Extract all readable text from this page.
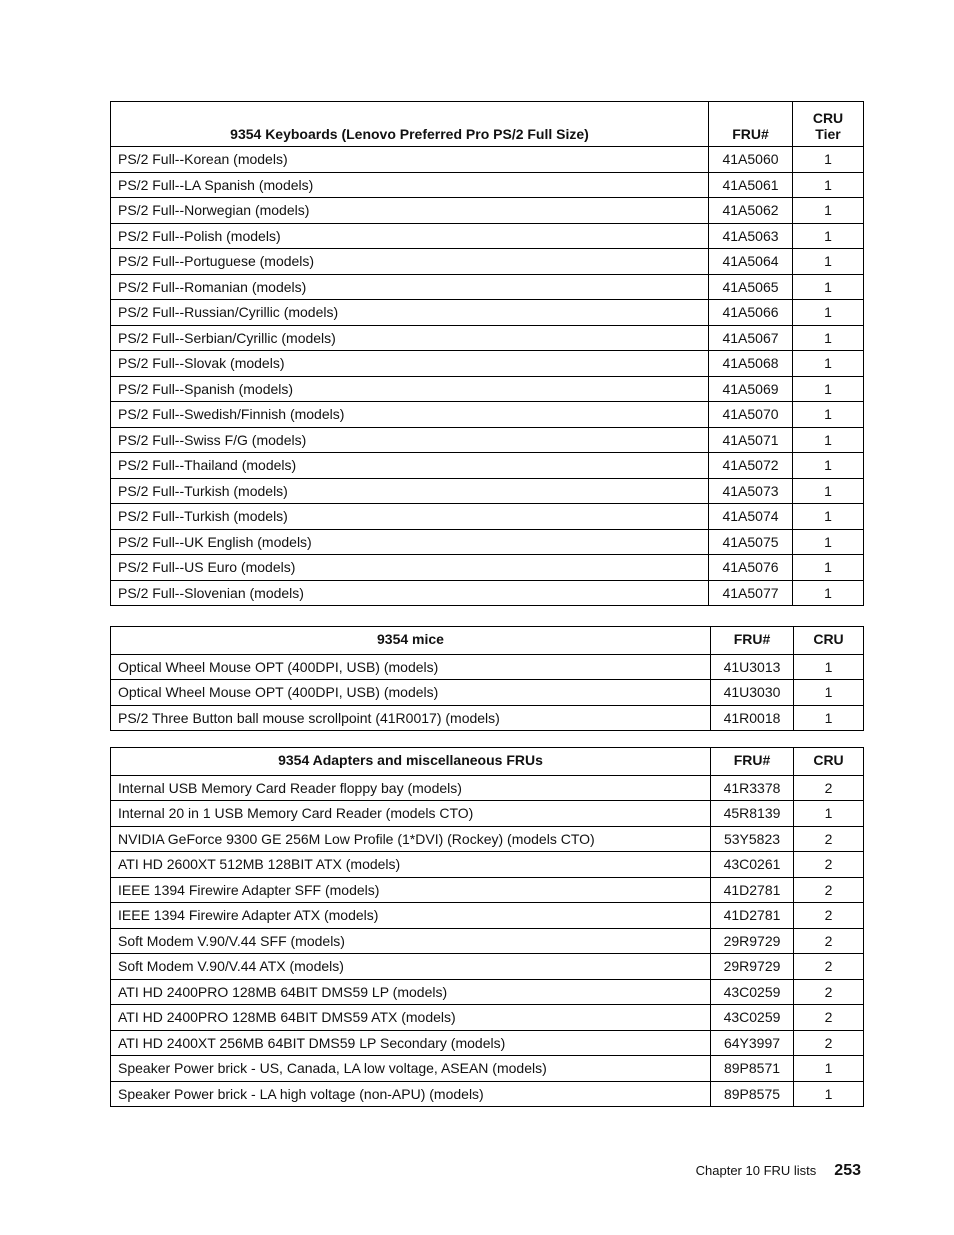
9354 Keyboards (Lenovo Preferred Pro PS/2 Full Size)	FRU#	CRU
Tier
PS/2 Full--Korean (models)	41A5060	1
PS/2 Full--LA Spanish (models)	41A5061	1
PS/2 Full--Norwegian (models)	41A5062	1
PS/2 Full--Polish (models)	41A5063	1
PS/2 Full--Portuguese (models)	41A5064	1
PS/2 Full--Romanian (models)	41A5065	1
PS/2 Full--Russian/Cyrillic (models)	41A5066	1
PS/2 Full--Serbian/Cyrillic (models)	41A5067	1
PS/2 Full--Slovak (models)	41A5068	1
PS/2 Full--Spanish (models)	41A5069	1
PS/2 Full--Swedish/Finnish (models)	41A5070	1
PS/2 Full--Swiss F/G (models)	41A5071	1
PS/2 Full--Thailand (models)	41A5072	1
PS/2 Full--Turkish (models)	41A5073	1
PS/2 Full--Turkish (models)	41A5074	1
PS/2 Full--UK English (models)	41A5075	1
PS/2 Full--US Euro (models)	41A5076	1
PS/2 Full--Slovenian (models)	41A5077	1
9354 mice	FRU#	CRU
Optical Wheel Mouse OPT (400DPI, USB) (models)	41U3013	1
Optical Wheel Mouse OPT (400DPI, USB) (models)	41U3030	1
PS/2 Three Button ball mouse scrollpoint (41R0017) (models)	41R0018	1
9354 Adapters and miscellaneous FRUs	FRU#	CRU
Internal USB Memory Card Reader floppy bay (models)	41R3378	2
Internal 20 in 1 USB Memory Card Reader (models CTO)	45R8139	1
NVIDIA GeForce 9300 GE 256M Low Profile (1*DVI) (Rockey) (models CTO)	53Y5823	2
ATI HD 2600XT 512MB 128BIT ATX (models)	43C0261	2
IEEE 1394 Firewire Adapter SFF (models)	41D2781	2
IEEE 1394 Firewire Adapter ATX (models)	41D2781	2
Soft Modem V.90/V.44 SFF (models)	29R9729	2
Soft Modem V.90/V.44 ATX (models)	29R9729	2
ATI HD 2400PRO 128MB 64BIT DMS59 LP (models)	43C0259	2
ATI HD 2400PRO 128MB 64BIT DMS59 ATX (models)	43C0259	2
ATI HD 2400XT 256MB 64BIT DMS59 LP Secondary (models)	64Y3997	2
Speaker Power brick - US, Canada, LA low voltage, ASEAN (models)	89P8571	1
Speaker Power brick - LA high voltage (non-APU) (models)	89P8575	1
Chapter 10 FRU lists 253
